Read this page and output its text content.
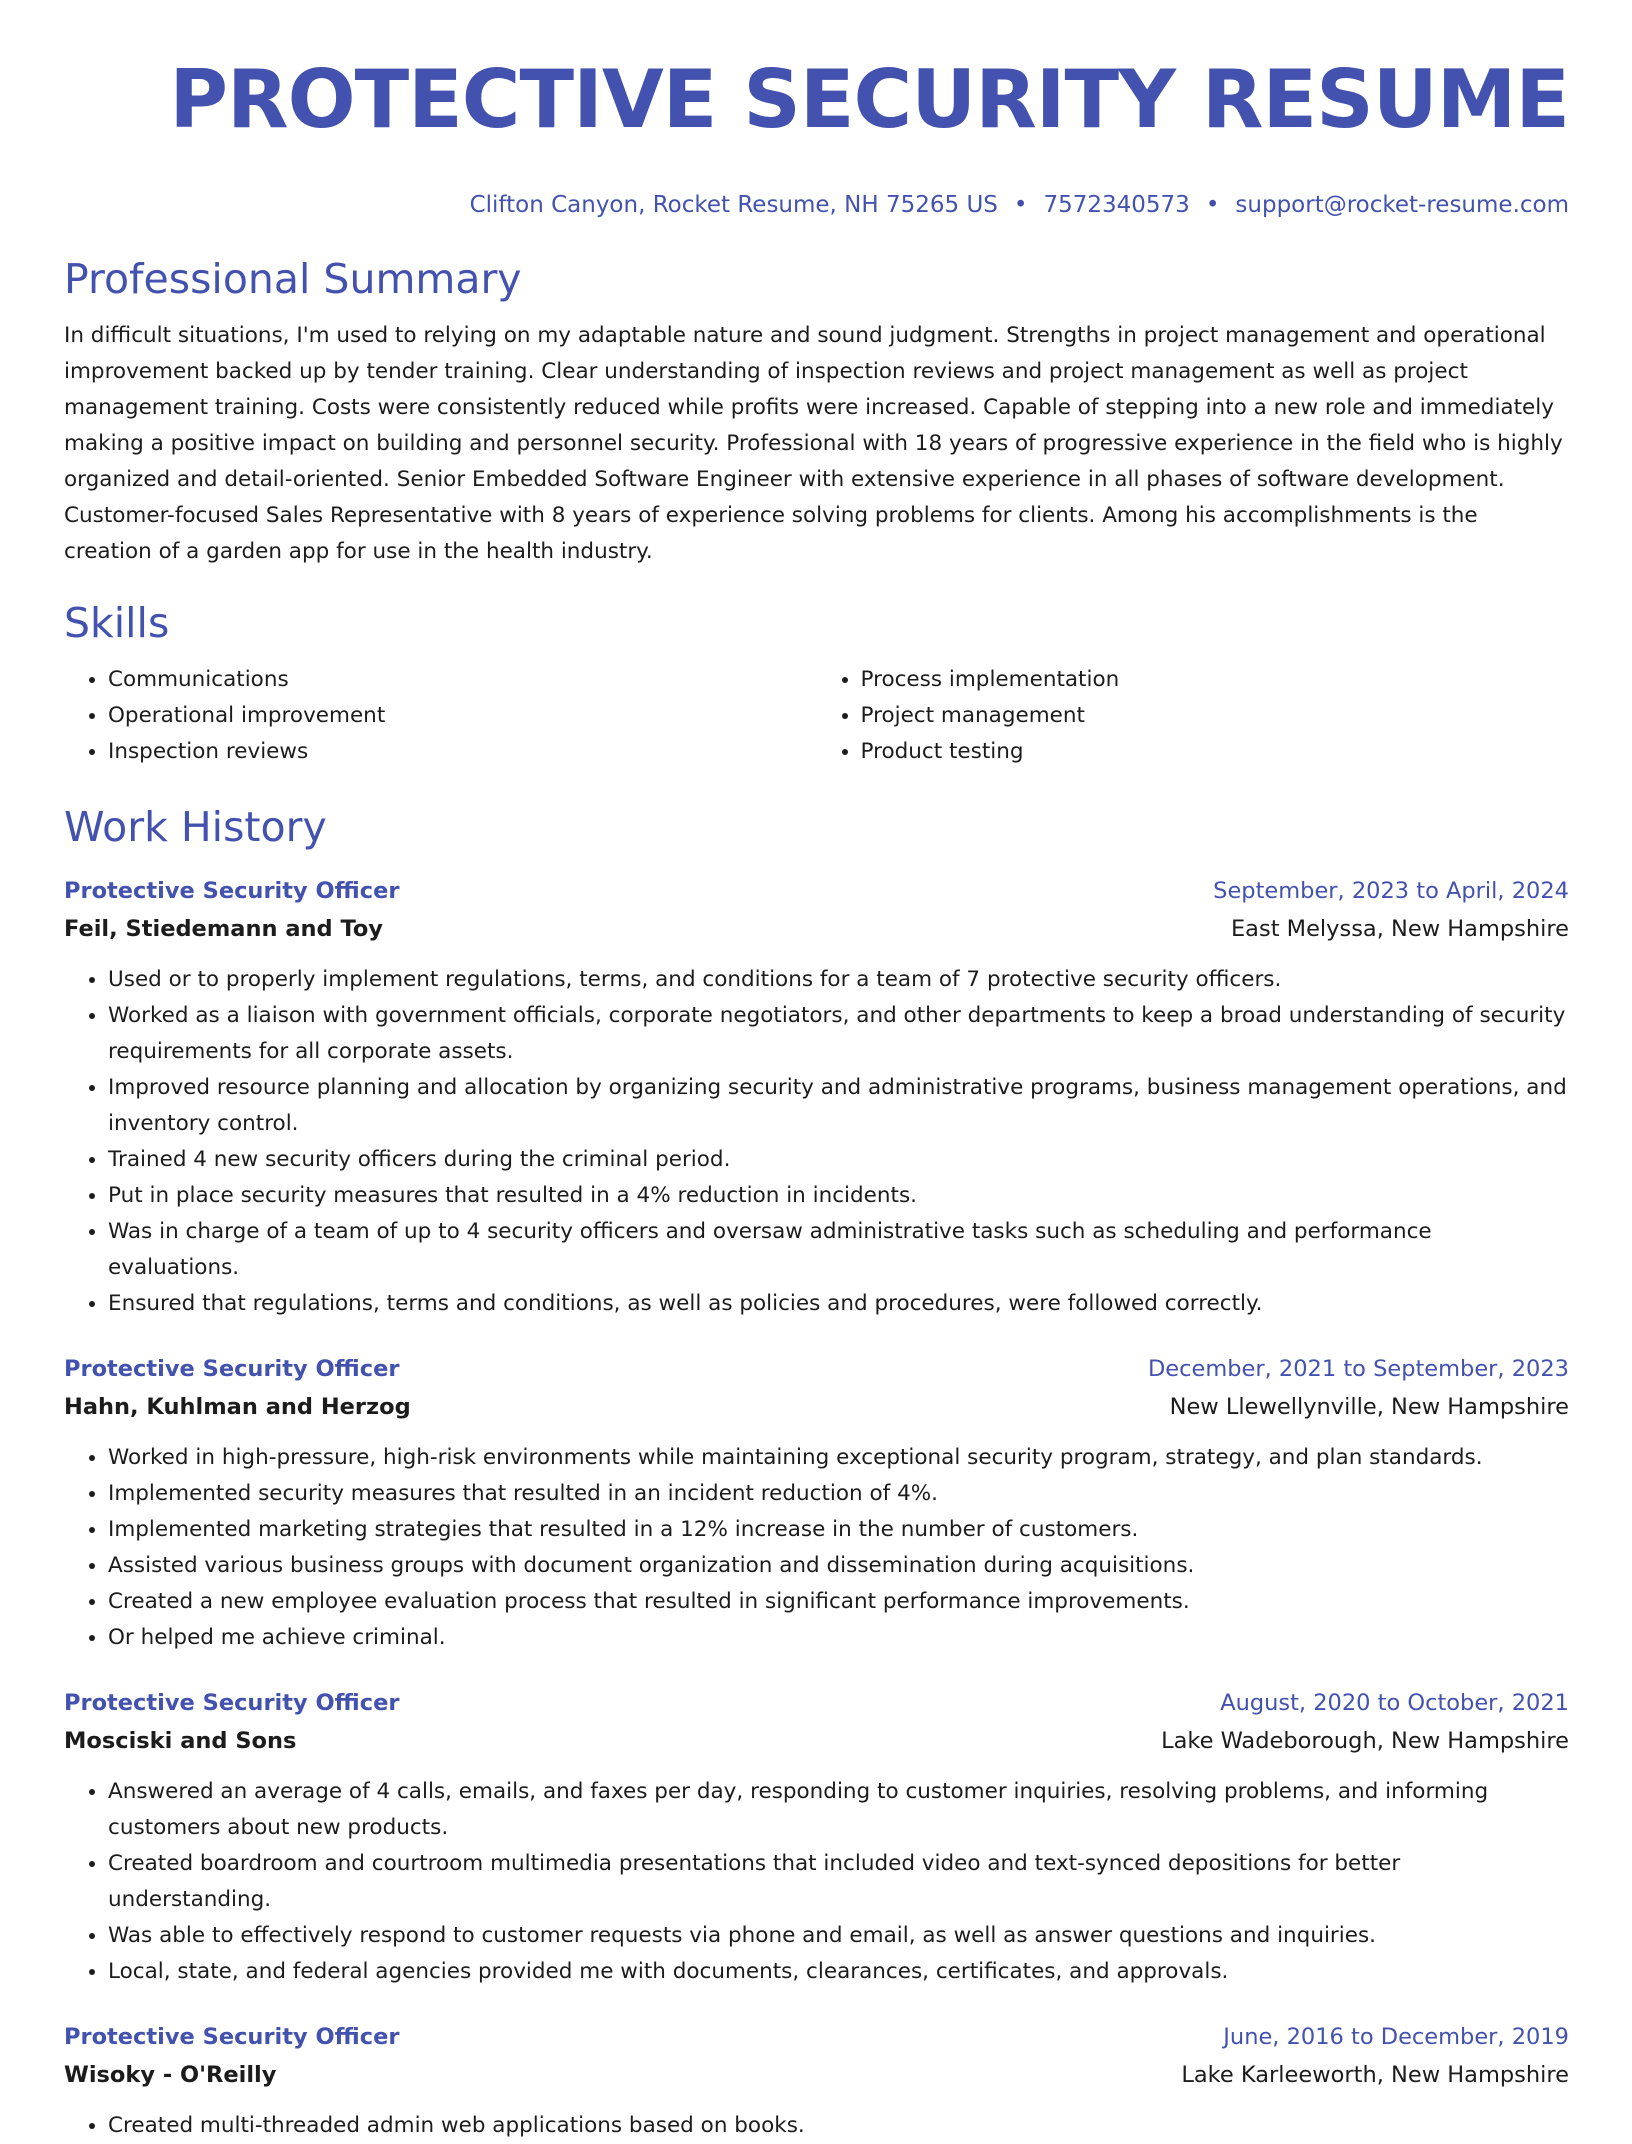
PROTECTIVE SECURITY RESUME
Clifton Canyon, Rocket Resume, NH 75265 US • 7572340573 • support@rocket-resume.com
Professional Summary
In difficult situations, I'm used to relying on my adaptable nature and sound judgment. Strengths in project management and operational improvement backed up by tender training. Clear understanding of inspection reviews and project management as well as project management training. Costs were consistently reduced while profits were increased. Capable of stepping into a new role and immediately making a positive impact on building and personnel security. Professional with 18 years of progressive experience in the field who is highly organized and detail-oriented. Senior Embedded Software Engineer with extensive experience in all phases of software development. Customer-focused Sales Representative with 8 years of experience solving problems for clients. Among his accomplishments is the creation of a garden app for use in the health industry.
Skills
• Communications
• Operational improvement
• Inspection reviews
• Process implementation
• Project management
• Product testing
Work History
Protective Security Officer	September, 2023 to April, 2024
Feil, Stiedemann and Toy	East Melyssa, New Hampshire
• Used or to properly implement regulations, terms, and conditions for a team of 7 protective security officers.
• Worked as a liaison with government officials, corporate negotiators, and other departments to keep a broad understanding of security requirements for all corporate assets.
• Improved resource planning and allocation by organizing security and administrative programs, business management operations, and inventory control.
• Trained 4 new security officers during the criminal period.
• Put in place security measures that resulted in a 4% reduction in incidents.
• Was in charge of a team of up to 4 security officers and oversaw administrative tasks such as scheduling and performance evaluations.
• Ensured that regulations, terms and conditions, as well as policies and procedures, were followed correctly.
Protective Security Officer	December, 2021 to September, 2023
Hahn, Kuhlman and Herzog	New Llewellynville, New Hampshire
• Worked in high-pressure, high-risk environments while maintaining exceptional security program, strategy, and plan standards.
• Implemented security measures that resulted in an incident reduction of 4%.
• Implemented marketing strategies that resulted in a 12% increase in the number of customers.
• Assisted various business groups with document organization and dissemination during acquisitions.
• Created a new employee evaluation process that resulted in significant performance improvements.
• Or helped me achieve criminal.
Protective Security Officer	August, 2020 to October, 2021
Mosciski and Sons	Lake Wadeborough, New Hampshire
• Answered an average of 4 calls, emails, and faxes per day, responding to customer inquiries, resolving problems, and informing customers about new products.
• Created boardroom and courtroom multimedia presentations that included video and text-synced depositions for better understanding.
• Was able to effectively respond to customer requests via phone and email, as well as answer questions and inquiries.
• Local, state, and federal agencies provided me with documents, clearances, certificates, and approvals.
Protective Security Officer	June, 2016 to December, 2019
Wisoky - O'Reilly	Lake Karleeworth, New Hampshire
• Created multi-threaded admin web applications based on books.
